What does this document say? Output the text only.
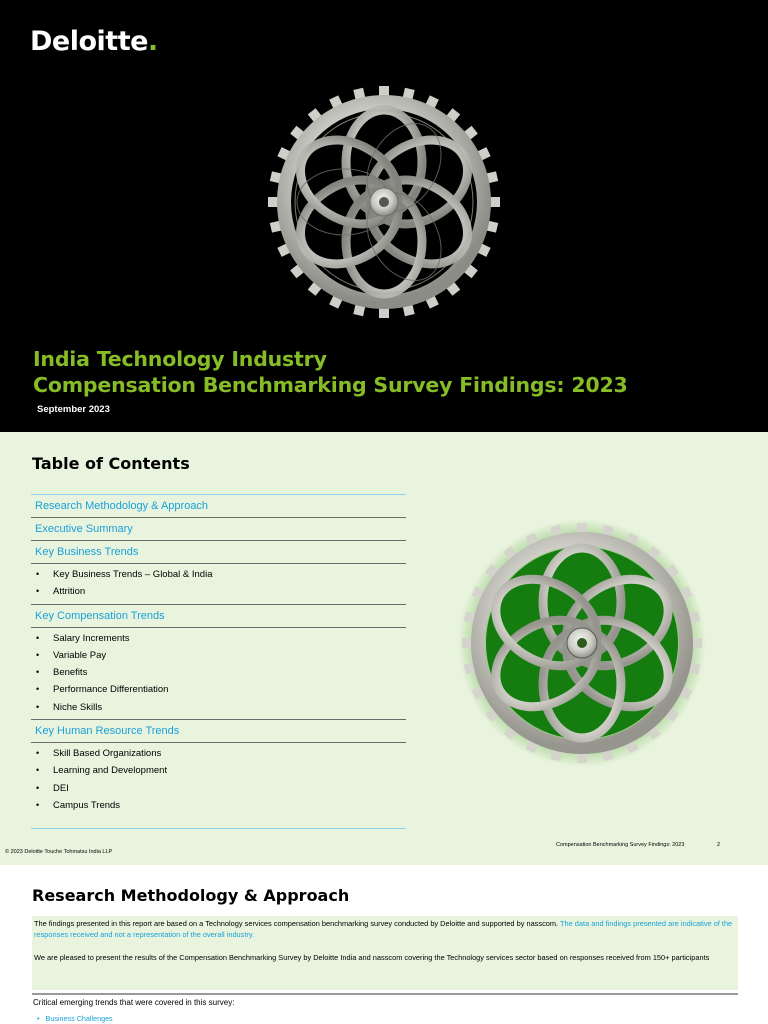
Deloitte.
India Technology Industry
Compensation Benchmarking Survey Findings: 2023
September 2023
Table of Contents
Research Methodology & Approach
Executive Summary
Key Business Trends
• Key Business Trends – Global & India
• Attrition
Key Compensation Trends
• Salary Increments
• Variable Pay
• Benefits
• Performance Differentiation
• Niche Skills
Key Human Resource Trends
• Skill Based Organizations
• Learning and Development
• DEI
• Campus Trends
© 2023 Deloitte Touche Tohmatsu India LLP
Compensation Benchmarking Survey Findings: 2023	2
Research Methodology & Approach

The findings presented in this report are based on a Technology services compensation benchmarking survey conducted by Deloitte and supported by nasscom. The data and findings presented are indicative of the responses received and not a representation of the overall industry.

We are pleased to present the results of the Compensation Benchmarking Survey by Deloitte India and nasscom covering the Technology services sector based on responses received from 150+ participants

Critical emerging trends that were covered in this survey:
• Business Challenges
